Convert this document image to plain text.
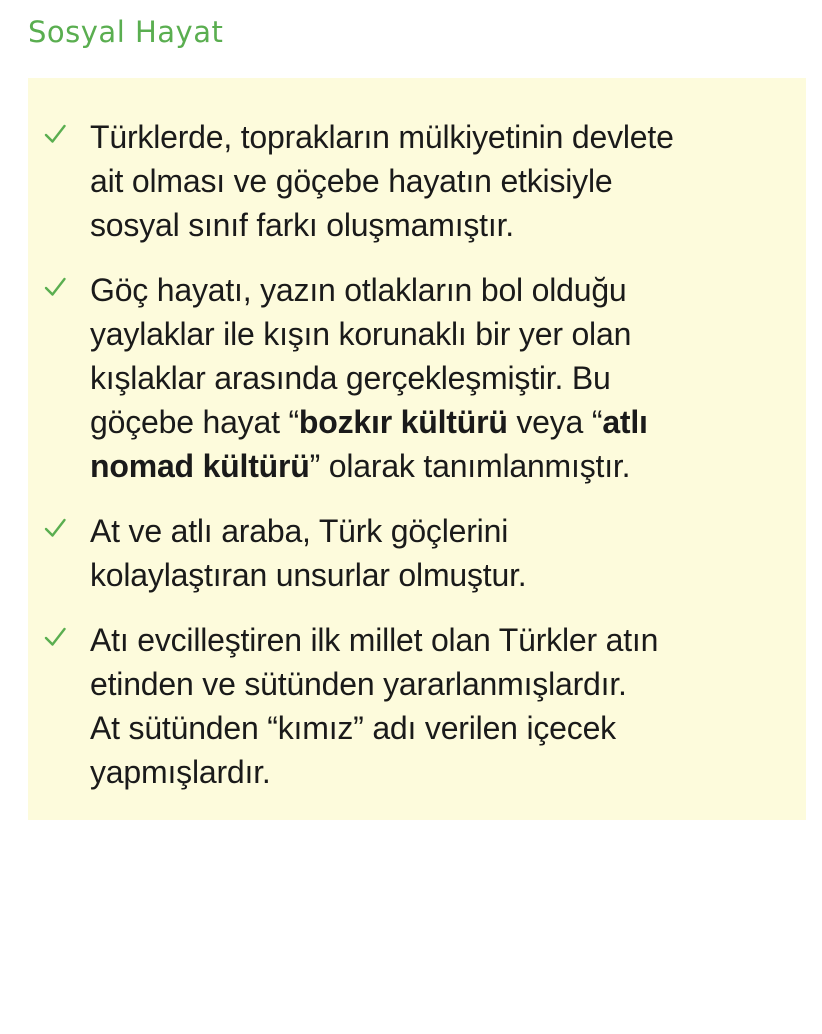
Sosyal Hayat
Türklerde, toprakların mülkiyetinin devlete
ait olması ve göçebe hayatın etkisiyle
sosyal sınıf farkı oluşmamıştır.
Göç hayatı, yazın otlakların bol olduğu
yaylaklar ile kışın korunaklı bir yer olan
kışlaklar arasında gerçekleşmiştir. Bu
göçebe hayat “bozkır kültürü veya “atlı
nomad kültürü” olarak tanımlanmıştır.
At ve atlı araba, Türk göçlerini
kolaylaştıran unsurlar olmuştur.
Atı evcilleştiren ilk millet olan Türkler atın
etinden ve sütünden yararlanmışlardır.
At sütünden “kımız” adı verilen içecek
yapmışlardır.
